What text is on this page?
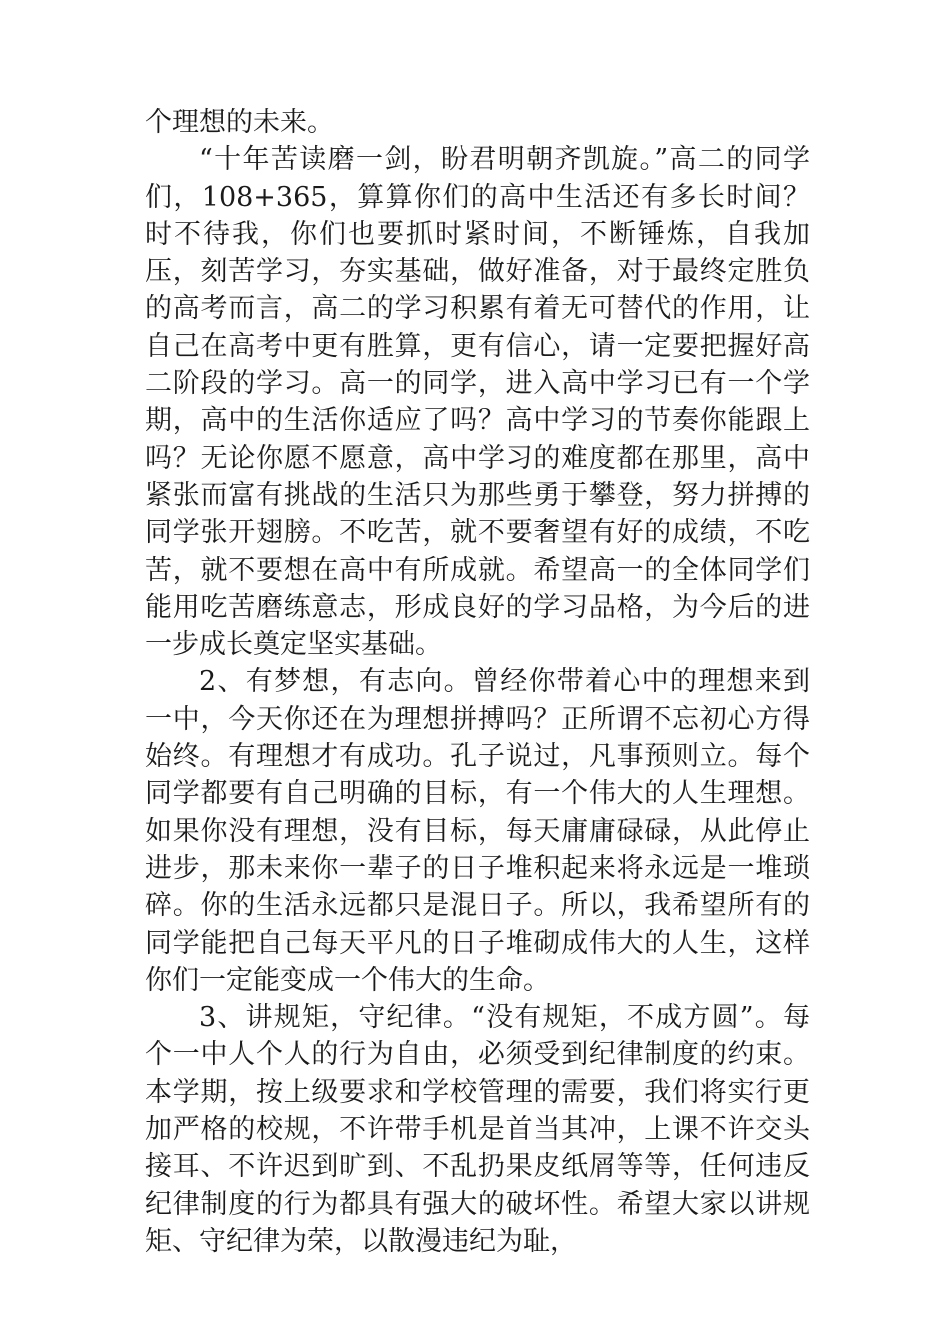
个理想的未来。

“十年苦读磨一剑，盼君明朝齐凯旋。”高二的同学们，108+365，算算你们的高中生活还有多长时间？时不待我，你们也要抓时紧时间，不断锤炼，自我加压，刻苦学习，夯实基础，做好准备，对于最终定胜负的高考而言，高二的学习积累有着无可替代的作用，让自己在高考中更有胜算，更有信心，请一定要把握好高二阶段的学习。高一的同学，进入高中学习已有一个学期，高中的生活你适应了吗？高中学习的节奏你能跟上吗？无论你愿不愿意，高中学习的难度都在那里，高中紧张而富有挑战的生活只为那些勇于攀登，努力拼搏的同学张开翅膀。不吃苦，就不要奢望有好的成绩，不吃苦，就不要想在高中有所成就。希望高一的全体同学们能用吃苦磨练意志，形成良好的学习品格，为今后的进一步成长奠定坚实基础。

2、有梦想，有志向。曾经你带着心中的理想来到一中，今天你还在为理想拼搏吗？正所谓不忘初心方得始终。有理想才有成功。孔子说过，凡事预则立。每个同学都要有自己明确的目标，有一个伟大的人生理想。如果你没有理想，没有目标，每天庸庸碌碌，从此停止进步，那未来你一辈子的日子堆积起来将永远是一堆琐碎。你的生活永远都只是混日子。所以，我希望所有的同学能把自己每天平凡的日子堆砌成伟大的人生，这样你们一定能变成一个伟大的生命。

3、讲规矩，守纪律。“没有规矩，不成方圆”。每个一中人个人的行为自由，必须受到纪律制度的约束。本学期，按上级要求和学校管理的需要，我们将实行更加严格的校规，不许带手机是首当其冲，上课不许交头接耳、不许迟到旷到、不乱扔果皮纸屑等等，任何违反纪律制度的行为都具有强大的破坏性。希望大家以讲规矩、守纪律为荣，以散漫违纪为耻，
